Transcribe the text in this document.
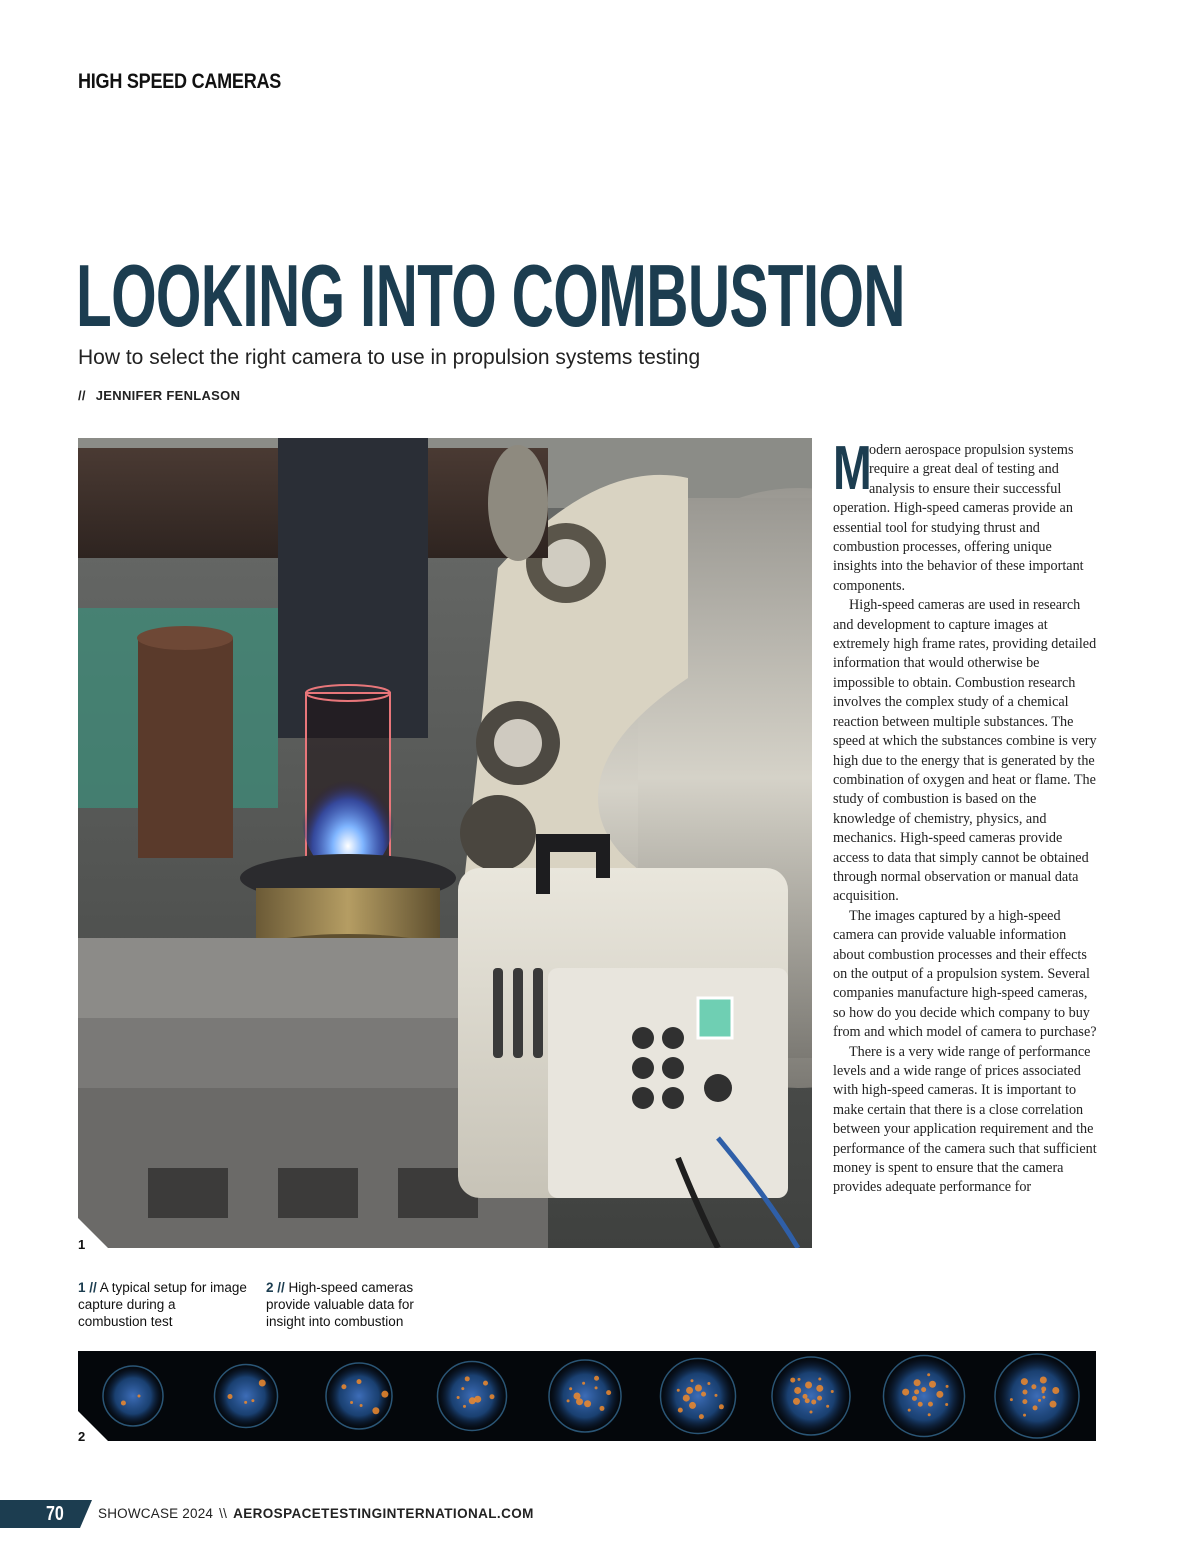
HIGH SPEED CAMERAS
LOOKING INTO COMBUSTION
How to select the right camera to use in propulsion systems testing
// JENNIFER FENLASON
1

M
odern aerospace propulsion systems require a great deal of testing and analysis to ensure their successful operation. High-speed cameras provide an essential tool for studying thrust and combustion processes, offering unique insights into the behavior of these important components.

High-speed cameras are used in research and development to capture images at extremely high frame rates, providing detailed information that would otherwise be impossible to obtain. Combustion research involves the complex study of a chemical reaction between multiple substances. The speed at which the substances combine is very high due to the energy that is generated by the combination of oxygen and heat or flame. The study of combustion is based on the knowledge of chemistry, physics, and mechanics. High-speed cameras provide access to data that simply cannot be obtained through normal observation or manual data acquisition.

The images captured by a high-speed camera can provide valuable information about combustion processes and their effects on the output of a propulsion system. Several companies manufacture high-speed cameras, so how do you decide which company to buy from and which model of camera to purchase?

There is a very wide range of performance levels and a wide range of prices associated with high-speed cameras. It is important to make certain that there is a close correlation between your application requirement and the performance of the camera such that sufficient money is spent to ensure that the camera provides adequate performance for

1 // A typical setup for image capture during a combustion test
2 // High-speed cameras provide valuable data for insight into combustion
2
70	SHOWCASE 2024 \\ AEROSPACETESTINGINTERNATIONAL.COM
